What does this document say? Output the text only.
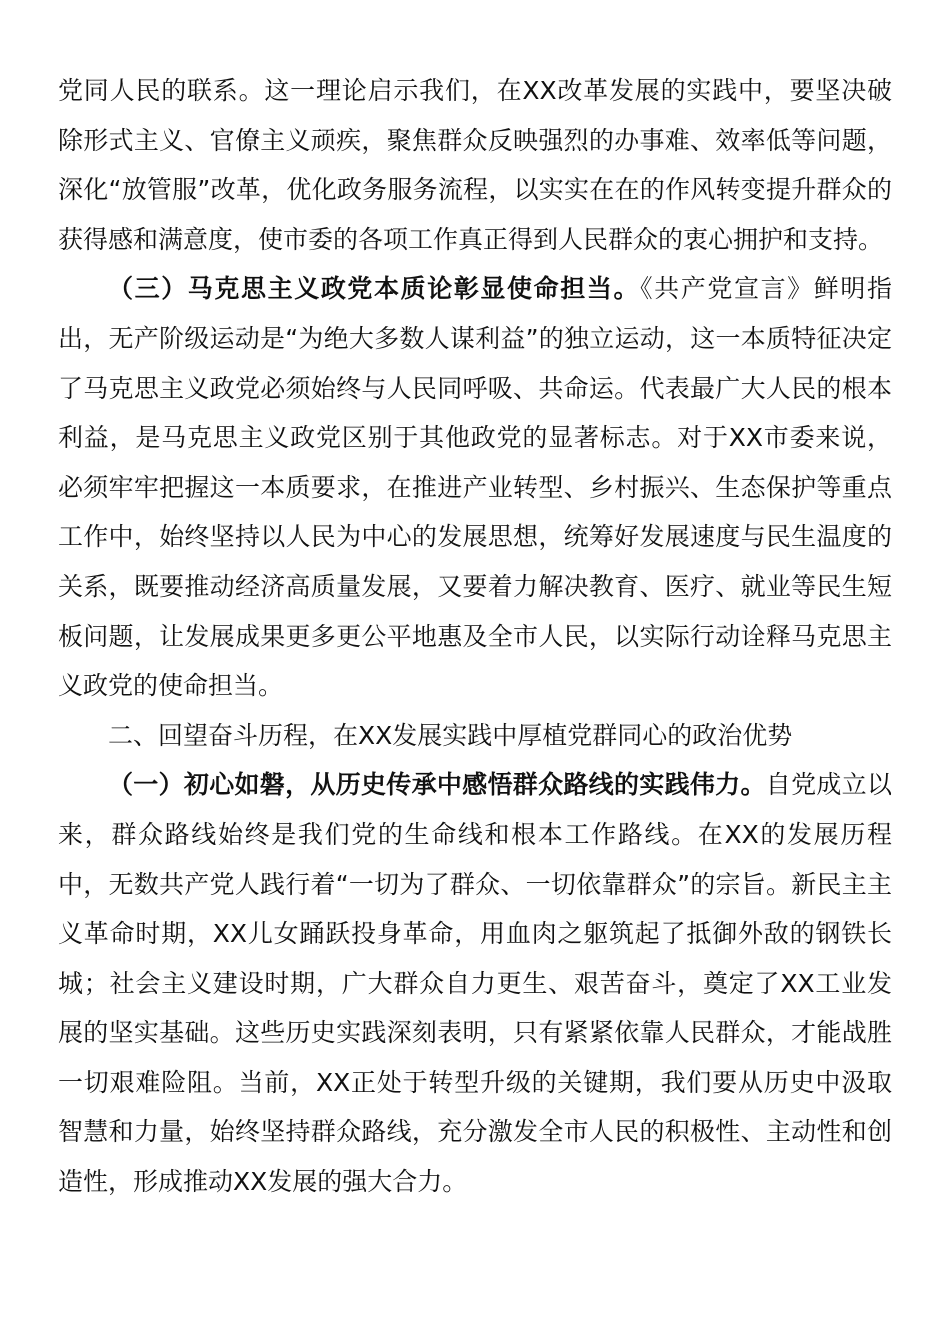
党同人民的联系。这一理论启示我们，在XX改革发展的实践中，要坚决破除形式主义、官僚主义顽疾，聚焦群众反映强烈的办事难、效率低等问题，深化“放管服”改革，优化政务服务流程，以实实在在的作风转变提升群众的获得感和满意度，使市委的各项工作真正得到人民群众的衷心拥护和支持。

（三）马克思主义政党本质论彰显使命担当。《共产党宣言》鲜明指出，无产阶级运动是“为绝大多数人谋利益”的独立运动，这一本质特征决定了马克思主义政党必须始终与人民同呼吸、共命运。代表最广大人民的根本利益，是马克思主义政党区别于其他政党的显著标志。对于XX市委来说，必须牢牢把握这一本质要求，在推进产业转型、乡村振兴、生态保护等重点工作中，始终坚持以人民为中心的发展思想，统筹好发展速度与民生温度的关系，既要推动经济高质量发展，又要着力解决教育、医疗、就业等民生短板问题，让发展成果更多更公平地惠及全市人民，以实际行动诠释马克思主义政党的使命担当。

二、回望奋斗历程，在XX发展实践中厚植党群同心的政治优势

（一）初心如磐，从历史传承中感悟群众路线的实践伟力。自党成立以来，群众路线始终是我们党的生命线和根本工作路线。在XX的发展历程中，无数共产党人践行着“一切为了群众、一切依靠群众”的宗旨。新民主主义革命时期，XX儿女踊跃投身革命，用血肉之躯筑起了抵御外敌的钢铁长城；社会主义建设时期，广大群众自力更生、艰苦奋斗，奠定了XX工业发展的坚实基础。这些历史实践深刻表明，只有紧紧依靠人民群众，才能战胜一切艰难险阻。当前，XX正处于转型升级的关键期，我们要从历史中汲取智慧和力量，始终坚持群众路线，充分激发全市人民的积极性、主动性和创造性，形成推动XX发展的强大合力。
